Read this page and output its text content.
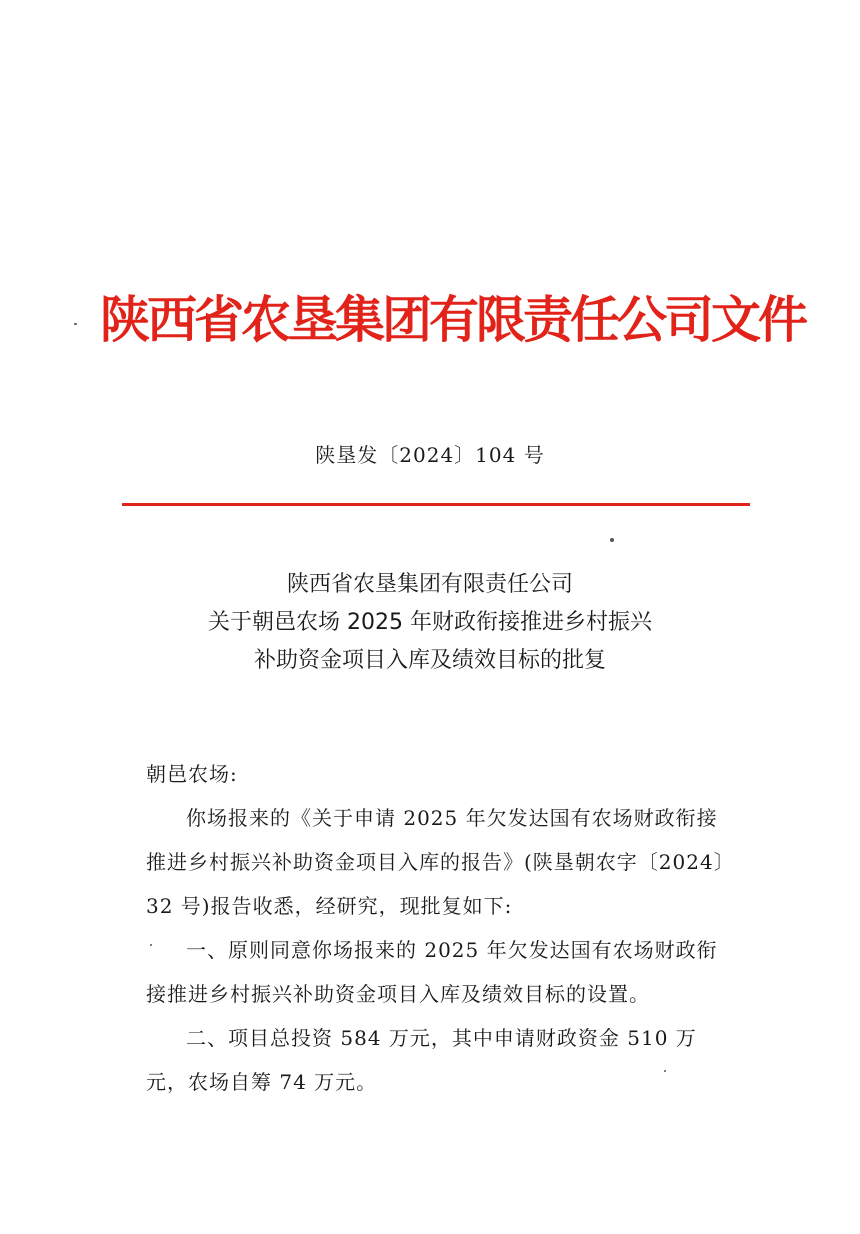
陕西省农垦集团有限责任公司文件
陕垦发〔2024〕104 号
陕西省农垦集团有限责任公司
关于朝邑农场 2025 年财政衔接推进乡村振兴
补助资金项目入库及绩效目标的批复

朝邑农场:

你场报来的《关于申请 2025 年欠发达国有农场财政衔接推进乡村振兴补助资金项目入库的报告》(陕垦朝农字〔2024〕32 号)报告收悉，经研究，现批复如下:

一、原则同意你场报来的 2025 年欠发达国有农场财政衔接推进乡村振兴补助资金项目入库及绩效目标的设置。

二、项目总投资 584 万元，其中申请财政资金 510 万元，农场自筹 74 万元。
